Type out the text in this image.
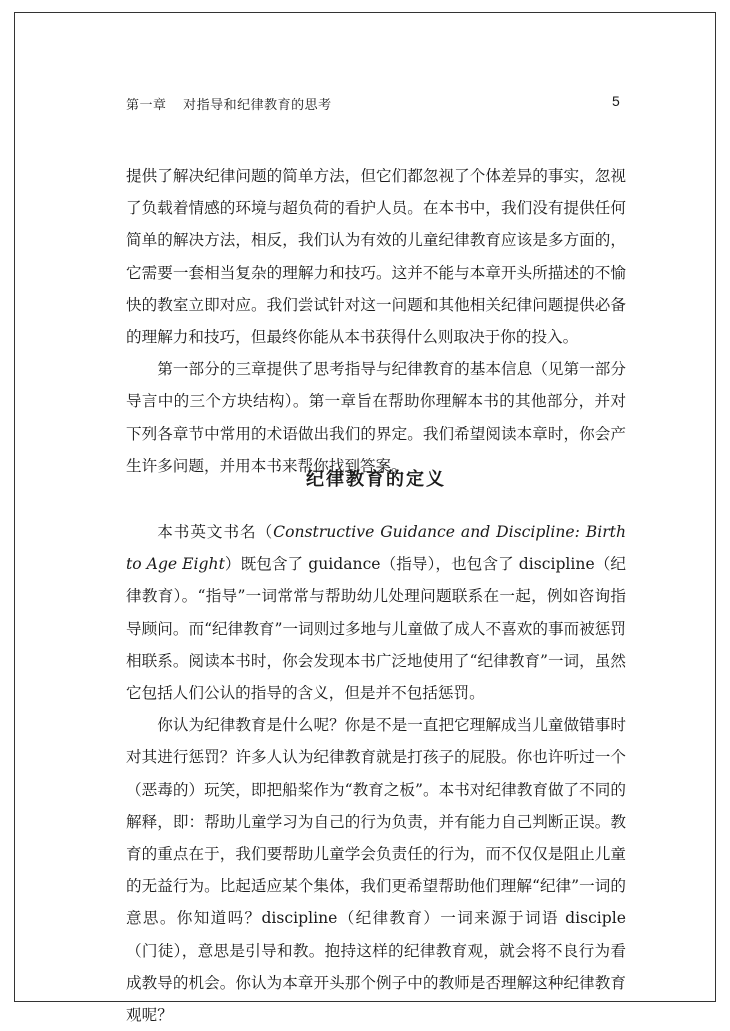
第一章 对指导和纪律教育的思考	5

提供了解决纪律问题的简单方法，但它们都忽视了个体差异的事实，忽视了负载着情感的环境与超负荷的看护人员。在本书中，我们没有提供任何简单的解决方法，相反，我们认为有效的儿童纪律教育应该是多方面的，它需要一套相当复杂的理解力和技巧。这并不能与本章开头所描述的不愉快的教室立即对应。我们尝试针对这一问题和其他相关纪律问题提供必备的理解力和技巧，但最终你能从本书获得什么则取决于你的投入。

第一部分的三章提供了思考指导与纪律教育的基本信息（见第一部分导言中的三个方块结构）。第一章旨在帮助你理解本书的其他部分，并对下列各章节中常用的术语做出我们的界定。我们希望阅读本章时，你会产生许多问题，并用本书来帮你找到答案。

纪律教育的定义

本书英文书名（Constructive Guidance and Discipline: Birth to Age Eight）既包含了 guidance（指导），也包含了 discipline（纪律教育）。“指导”一词常常与帮助幼儿处理问题联系在一起，例如咨询指导顾问。而“纪律教育”一词则过多地与儿童做了成人不喜欢的事而被惩罚相联系。阅读本书时，你会发现本书广泛地使用了“纪律教育”一词，虽然它包括人们公认的指导的含义，但是并不包括惩罚。

你认为纪律教育是什么呢？你是不是一直把它理解成当儿童做错事时对其进行惩罚？许多人认为纪律教育就是打孩子的屁股。你也许听过一个（恶毒的）玩笑，即把船桨作为“教育之板”。本书对纪律教育做了不同的解释，即：帮助儿童学习为自己的行为负责，并有能力自己判断正误。教育的重点在于，我们要帮助儿童学会负责任的行为，而不仅仅是阻止儿童的无益行为。比起适应某个集体，我们更希望帮助他们理解“纪律”一词的意思。你知道吗？discipline（纪律教育）一词来源于词语 disciple（门徒），意思是引导和教。抱持这样的纪律教育观，就会将不良行为看成教导的机会。你认为本章开头那个例子中的教师是否理解这种纪律教育观呢？
